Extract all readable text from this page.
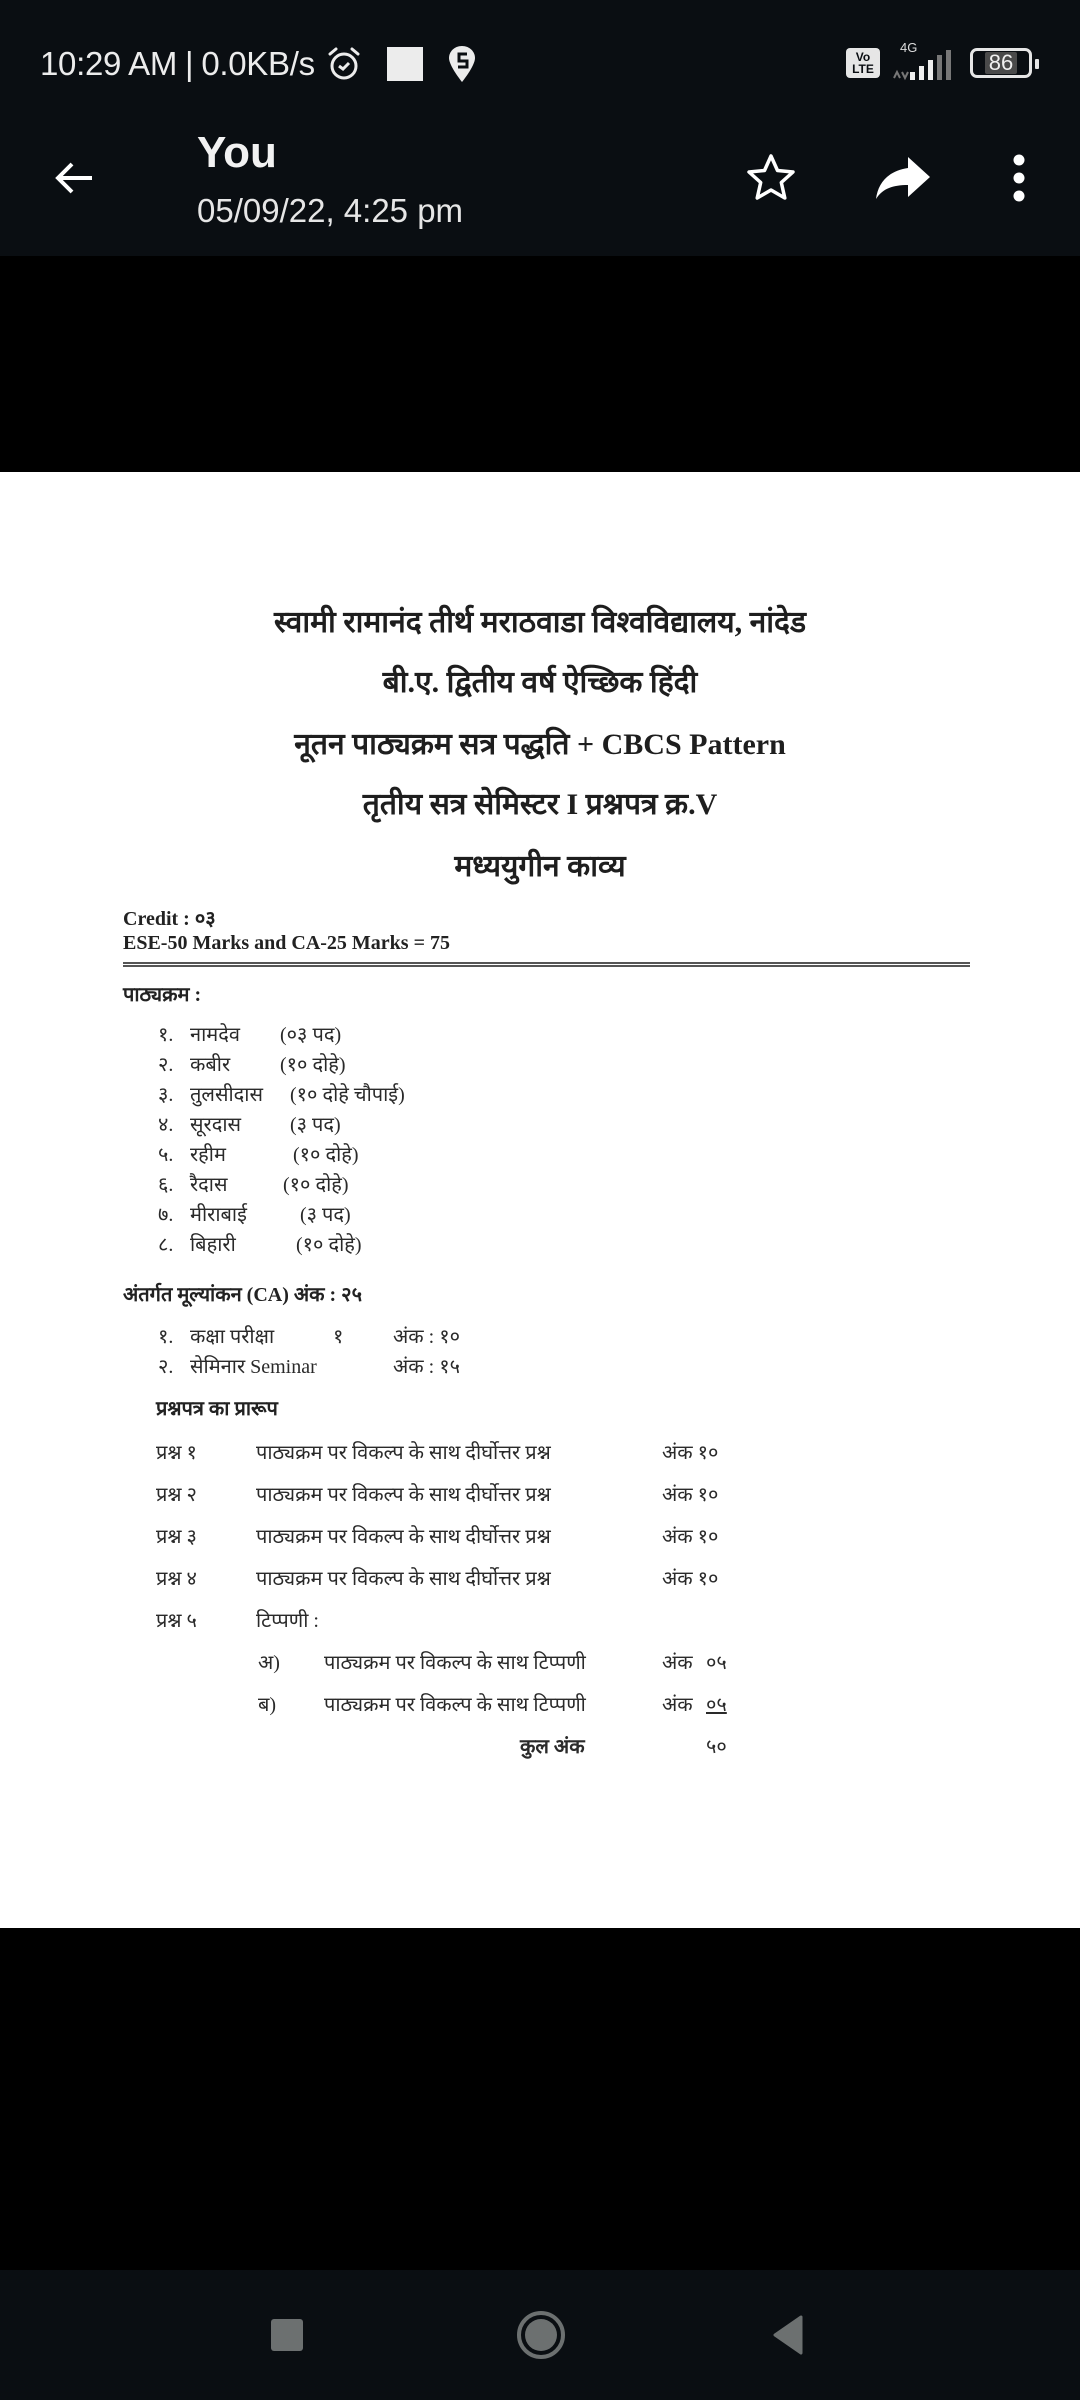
10:29 AM | 0.0KB/s	Vo LTE
4G
86
You
05/09/22, 4:25 pm
स्वामी रामानंद तीर्थ मराठवाडा विश्वविद्यालय, नांदेड
बी.ए. द्वितीय वर्ष ऐच्छिक हिंदी
नूतन पाठ्यक्रम सत्र पद्धति + CBCS Pattern
तृतीय सत्र सेमिस्टर I प्रश्नपत्र क्र.V
मध्ययुगीन काव्य
Credit : ०३
ESE-50 Marks and CA-25 Marks = 75
पाठ्यक्रम :
१. नामदेव (०३ पद)
२. कबीर (१० दोहे)
३. तुलसीदास (१० दोहे चौपाई)
४. सूरदास (३ पद)
५. रहीम	(१० दोहे)
६. रैदास	(१० दोहे)
७. मीराबाई	(३ पद)
८. बिहारी	(१० दोहे)
अंतर्गत मूल्यांकन (CA) अंक : २५
१. कक्षा परीक्षा	१ अंक : १०
२. सेमिनार Seminar	अंक : १५
प्रश्नपत्र का प्रारूप
प्रश्न १	पाठ्यक्रम पर विकल्प के साथ दीर्घोत्तर प्रश्न	अंक १०
प्रश्न २	पाठ्यक्रम पर विकल्प के साथ दीर्घोत्तर प्रश्न	अंक १०
प्रश्न ३	पाठ्यक्रम पर विकल्प के साथ दीर्घोत्तर प्रश्न	अंक १०
प्रश्न ४	पाठ्यक्रम पर विकल्प के साथ दीर्घोत्तर प्रश्न	अंक १०
प्रश्न ५	टिप्पणी :
अ) पाठ्यक्रम पर विकल्प के साथ टिप्पणी	अंक ०५
ब) पाठ्यक्रम पर विकल्प के साथ टिप्पणी	अंक ०५
कुल अंक	५०
